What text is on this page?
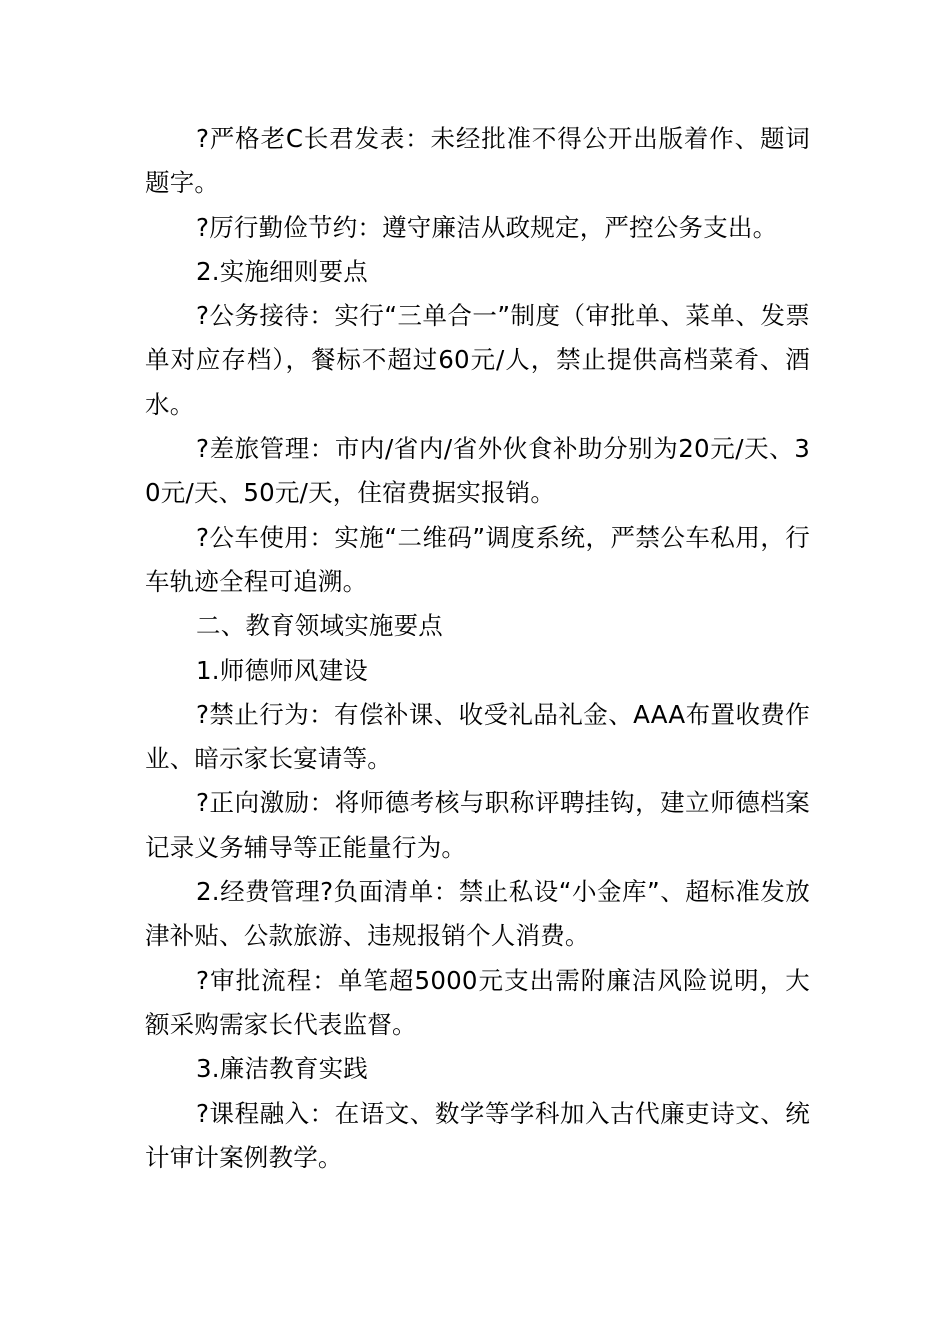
?严格老C长君发表：未经批准不得公开出版着作、题词题字。

?厉行勤俭节约：遵守廉洁从政规定，严控公务支出。

2.实施细则要点

?公务接待：实行“三单合一”制度（审批单、菜单、发票单对应存档），餐标不超过60元/人，禁止提供高档菜肴、酒水。

?差旅管理：市内/省内/省外伙食补助分别为20元/天、30元/天、50元/天，住宿费据实报销。

?公车使用：实施“二维码”调度系统，严禁公车私用，行车轨迹全程可追溯。

二、教育领域实施要点

1.师德师风建设

?禁止行为：有偿补课、收受礼品礼金、AAA布置收费作业、暗示家长宴请等。

?正向激励：将师德考核与职称评聘挂钩，建立师德档案记录义务辅导等正能量行为。

2.经费管理?负面清单：禁止私设“小金库”、超标准发放津补贴、公款旅游、违规报销个人消费。

?审批流程：单笔超5000元支出需附廉洁风险说明，大额采购需家长代表监督。

3.廉洁教育实践

?课程融入：在语文、数学等学科加入古代廉吏诗文、统计审计案例教学。
